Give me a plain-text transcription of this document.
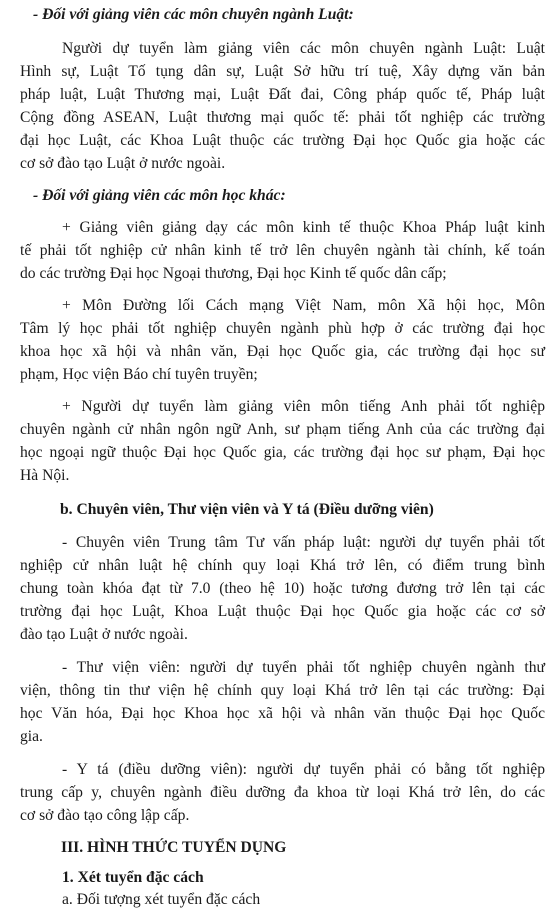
- Đối với giảng viên các môn chuyên ngành Luật:
Người dự tuyển làm giảng viên các môn chuyên ngành Luật: Luật
Hình sự, Luật Tố tụng dân sự, Luật Sở hữu trí tuệ, Xây dựng văn bản
pháp luật, Luật Thương mại, Luật Đất đai, Công pháp quốc tế, Pháp luật
Cộng đồng ASEAN, Luật thương mại quốc tế: phải tốt nghiệp các trường
đại học Luật, các Khoa Luật thuộc các trường Đại học Quốc gia hoặc các
cơ sở đào tạo Luật ở nước ngoài.
- Đối với giảng viên các môn học khác:
+ Giảng viên giảng dạy các môn kinh tế thuộc Khoa Pháp luật kinh
tế phải tốt nghiệp cử nhân kinh tế trở lên chuyên ngành tài chính, kế toán
do các trường Đại học Ngoại thương, Đại học Kinh tế quốc dân cấp;
+ Môn Đường lối Cách mạng Việt Nam, môn Xã hội học, Môn
Tâm lý học phải tốt nghiệp chuyên ngành phù hợp ở các trường đại học
khoa học xã hội và nhân văn, Đại học Quốc gia, các trường đại học sư
phạm, Học viện Báo chí tuyên truyền;
+ Người dự tuyển làm giảng viên môn tiếng Anh phải tốt nghiệp
chuyên ngành cử nhân ngôn ngữ Anh, sư phạm tiếng Anh của các trường đại
học ngoại ngữ thuộc Đại học Quốc gia, các trường đại học sư phạm, Đại học
Hà Nội.
b. Chuyên viên, Thư viện viên và Y tá (Điều dưỡng viên)
- Chuyên viên Trung tâm Tư vấn pháp luật: người dự tuyển phải tốt
nghiệp cử nhân luật hệ chính quy loại Khá trở lên, có điểm trung bình
chung toàn khóa đạt từ 7.0 (theo hệ 10) hoặc tương đương trở lên tại các
trường đại học Luật, Khoa Luật thuộc Đại học Quốc gia hoặc các cơ sở
đào tạo Luật ở nước ngoài.
- Thư viện viên: người dự tuyển phải tốt nghiệp chuyên ngành thư
viện, thông tin thư viện hệ chính quy loại Khá trở lên tại các trường: Đại
học Văn hóa, Đại học Khoa học xã hội và nhân văn thuộc Đại học Quốc
gia.
- Y tá (điều dưỡng viên): người dự tuyển phải có bằng tốt nghiệp
trung cấp y, chuyên ngành điều dưỡng đa khoa từ loại Khá trở lên, do các
cơ sở đào tạo công lập cấp.
III. HÌNH THỨC TUYỂN DỤNG
1. Xét tuyển đặc cách
a. Đối tượng xét tuyển đặc cách
